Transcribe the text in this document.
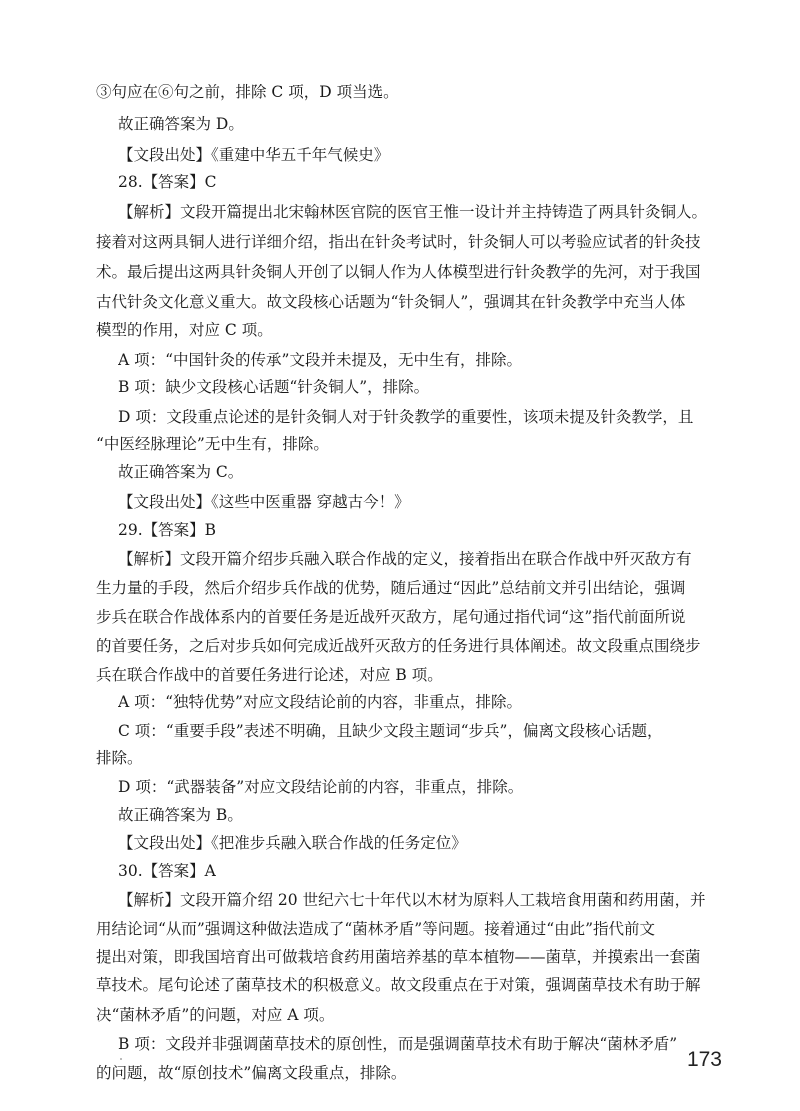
③句应在⑥句之前，排除 C 项，D 项当选。
故正确答案为 D。
【文段出处】《重建中华五千年气候史》
28.【答案】C
【解析】文段开篇提出北宋翰林医官院的医官王惟一设计并主持铸造了两具针灸铜人。
接着对这两具铜人进行详细介绍，指出在针灸考试时，针灸铜人可以考验应试者的针灸技
术。最后提出这两具针灸铜人开创了以铜人作为人体模型进行针灸教学的先河，对于我国
古代针灸文化意义重大。故文段核心话题为“针灸铜人”，强调其在针灸教学中充当人体
模型的作用，对应 C 项。
A 项：“中国针灸的传承”文段并未提及，无中生有，排除。
B 项：缺少文段核心话题“针灸铜人”，排除。
D 项：文段重点论述的是针灸铜人对于针灸教学的重要性，该项未提及针灸教学，且
“中医经脉理论”无中生有，排除。
故正确答案为 C。
【文段出处】《这些中医重器 穿越古今！》
29.【答案】B
【解析】文段开篇介绍步兵融入联合作战的定义，接着指出在联合作战中歼灭敌方有
生力量的手段，然后介绍步兵作战的优势，随后通过“因此”总结前文并引出结论，强调
步兵在联合作战体系内的首要任务是近战歼灭敌方，尾句通过指代词“这”指代前面所说
的首要任务，之后对步兵如何完成近战歼灭敌方的任务进行具体阐述。故文段重点围绕步
兵在联合作战中的首要任务进行论述，对应 B 项。
A 项：“独特优势”对应文段结论前的内容，非重点，排除。
C 项：“重要手段”表述不明确，且缺少文段主题词“步兵”，偏离文段核心话题，
排除。
D 项：“武器装备”对应文段结论前的内容，非重点，排除。
故正确答案为 B。
【文段出处】《把准步兵融入联合作战的任务定位》
30.【答案】A
【解析】文段开篇介绍 20 世纪六七十年代以木材为原料人工栽培食用菌和药用菌，并
用结论词“从而”强调这种做法造成了“菌林矛盾”等问题。接着通过“由此”指代前文
提出对策，即我国培育出可做栽培食药用菌培养基的草本植物——菌草，并摸索出一套菌
草技术。尾句论述了菌草技术的积极意义。故文段重点在于对策，强调菌草技术有助于解
决“菌林矛盾”的问题，对应 A 项。
B 项：文段并非强调菌草技术的原创性，而是强调菌草技术有助于解决“菌林矛盾”
的问题，故“原创技术”偏离文段重点，排除。
173
